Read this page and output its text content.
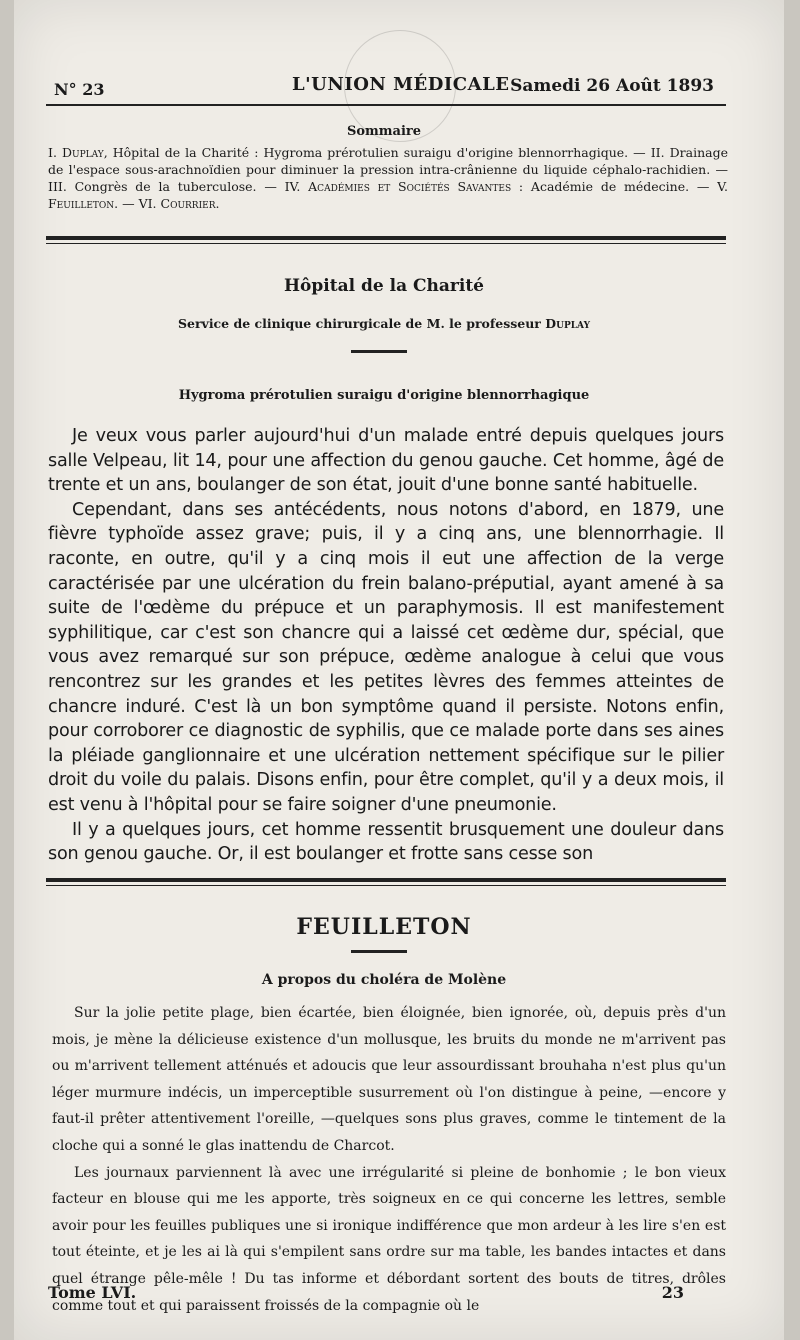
N° 23	L'UNION MÉDICALE Samedi 26 Août 1893
Sommaire
I. Duplay, Hôpital de la Charité : Hygroma prérotulien suraigu d'origine blennorrhagique. — II. Drainage de l'espace sous-arachnoïdien pour diminuer la pression intra-crânienne du liquide céphalo-rachidien. — III. Congrès de la tuberculose. — IV. Académies et Sociétés Savantes : Académie de médecine. — V. Feuilleton. — VI. Courrier.
Hôpital de la Charité
Service de clinique chirurgicale de M. le professeur Duplay
Hygroma prérotulien suraigu d'origine blennorrhagique

Je veux vous parler aujourd'hui d'un malade entré depuis quelques jours salle Velpeau, lit 14, pour une affection du genou gauche. Cet homme, âgé de trente et un ans, boulanger de son état, jouit d'une bonne santé habituelle.

Cependant, dans ses antécédents, nous notons d'abord, en 1879, une fièvre typhoïde assez grave; puis, il y a cinq ans, une blennorrhagie. Il raconte, en outre, qu'il y a cinq mois il eut une affection de la verge caractérisée par une ulcération du frein balano-préputial, ayant amené à sa suite de l'œdème du prépuce et un paraphymosis. Il est manifestement syphilitique, car c'est son chancre qui a laissé cet œdème dur, spécial, que vous avez remarqué sur son prépuce, œdème analogue à celui que vous rencontrez sur les grandes et les petites lèvres des femmes atteintes de chancre induré. C'est là un bon symptôme quand il persiste. Notons enfin, pour corroborer ce diagnostic de syphilis, que ce malade porte dans ses aines la pléiade ganglionnaire et une ulcération nettement spécifique sur le pilier droit du voile du palais. Disons enfin, pour être complet, qu'il y a deux mois, il est venu à l'hôpital pour se faire soigner d'une pneumonie.

Il y a quelques jours, cet homme ressentit brusquement une douleur dans son genou gauche. Or, il est boulanger et frotte sans cesse son

FEUILLETON
A propos du choléra de Molène

Sur la jolie petite plage, bien écartée, bien éloignée, bien ignorée, où, depuis près d'un mois, je mène la délicieuse existence d'un mollusque, les bruits du monde ne m'arrivent pas ou m'arrivent tellement atténués et adoucis que leur assourdissant brouhaha n'est plus qu'un léger murmure indécis, un imperceptible susurrement où l'on distingue à peine, —encore y faut-il prêter attentivement l'oreille, —quelques sons plus graves, comme le tintement de la cloche qui a sonné le glas inattendu de Charcot.

Les journaux parviennent là avec une irrégularité si pleine de bonhomie ; le bon vieux facteur en blouse qui me les apporte, très soigneux en ce qui concerne les lettres, semble avoir pour les feuilles publiques une si ironique indifférence que mon ardeur à les lire s'en est tout éteinte, et je les ai là qui s'empilent sans ordre sur ma table, les bandes intactes et dans quel étrange pêle-mêle ! Du tas informe et débordant sortent des bouts de titres, drôles comme tout et qui paraissent froissés de la compagnie où le

Tome LVI.	23
